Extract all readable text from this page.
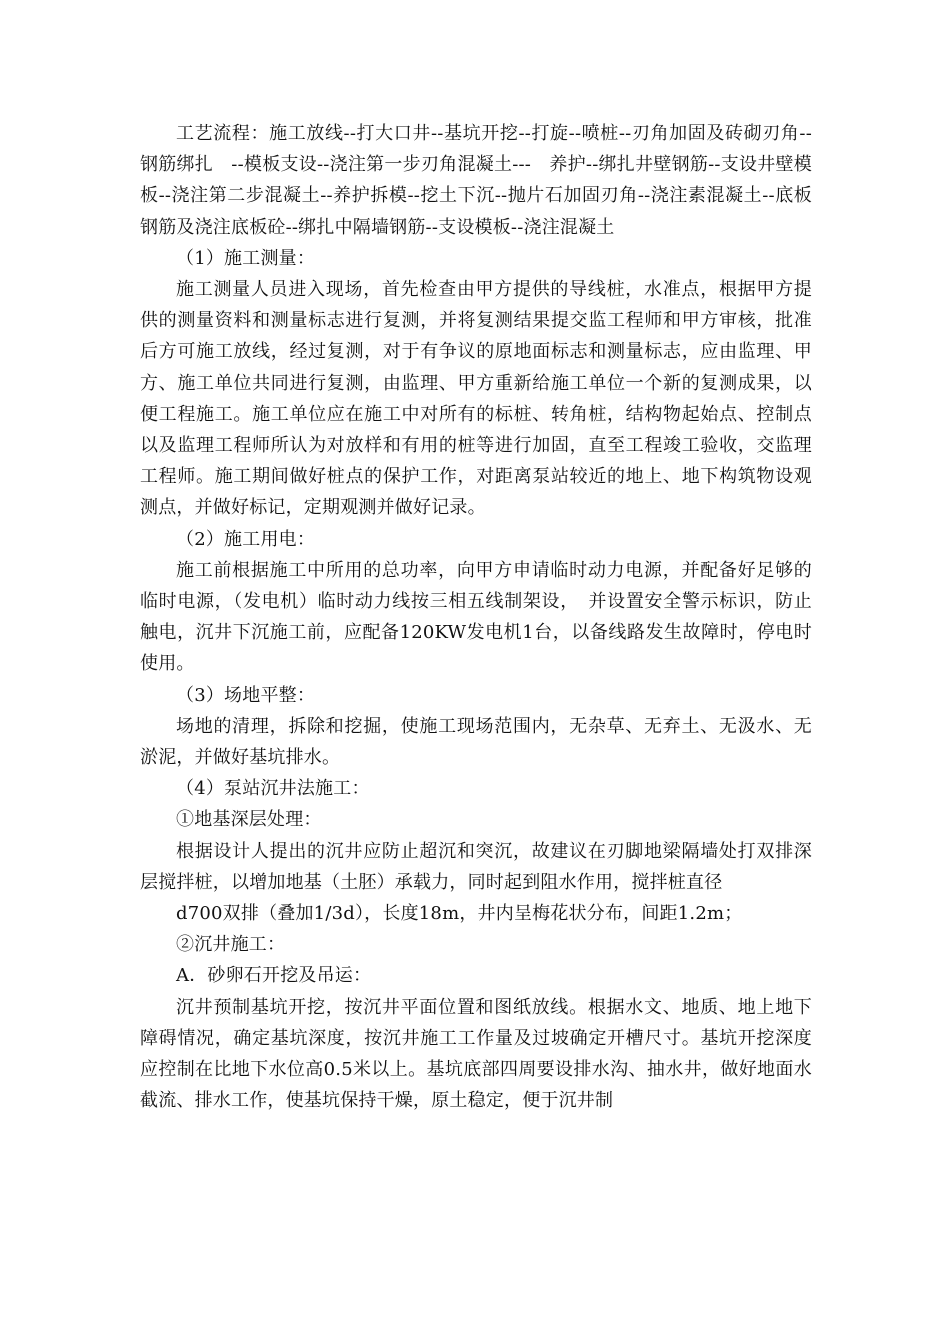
工艺流程：施工放线--打大口井--基坑开挖--打旋--喷桩--刃角加固及砖砌刃角--钢筋绑扎　--模板支设--浇注第一步刃角混凝土---　养护--绑扎井壁钢筋--支设井壁模板--浇注第二步混凝土--养护拆模--挖土下沉--抛片石加固刃角--浇注素混凝土--底板钢筋及浇注底板砼--绑扎中隔墙钢筋--支设模板--浇注混凝土

（1）施工测量：

施工测量人员进入现场，首先检查由甲方提供的导线桩，水准点，根据甲方提供的测量资料和测量标志进行复测，并将复测结果提交监工程师和甲方审核，批准后方可施工放线，经过复测，对于有争议的原地面标志和测量标志，应由监理、甲方、施工单位共同进行复测，由监理、甲方重新给施工单位一个新的复测成果，以便工程施工。施工单位应在施工中对所有的标桩、转角桩，结构物起始点、控制点以及监理工程师所认为对放样和有用的桩等进行加固，直至工程竣工验收，交监理工程师。施工期间做好桩点的保护工作，对距离泵站较近的地上、地下构筑物设观测点，并做好标记，定期观测并做好记录。

（2）施工用电：

施工前根据施工中所用的总功率，向甲方申请临时动力电源，并配备好足够的临时电源，（发电机）临时动力线按三相五线制架设，　并设置安全警示标识，防止触电，沉井下沉施工前，应配备120KW发电机1台，以备线路发生故障时，停电时使用。

（3）场地平整：

场地的清理，拆除和挖掘，使施工现场范围内，无杂草、无弃土、无汲水、无淤泥，并做好基坑排水。

（4）泵站沉井法施工：

①地基深层处理：

根据设计人提出的沉井应防止超沉和突沉，故建议在刃脚地梁隔墙处打双排深层搅拌桩，以增加地基（土胚）承载力，同时起到阻水作用，搅拌桩直径

d700双排（叠加1/3d），长度18m，井内呈梅花状分布，间距1.2m；

②沉井施工：

A．砂卵石开挖及吊运：

沉井预制基坑开挖，按沉井平面位置和图纸放线。根据水文、地质、地上地下障碍情况，确定基坑深度，按沉井施工工作量及过坡确定开槽尺寸。基坑开挖深度应控制在比地下水位高0.5米以上。基坑底部四周要设排水沟、抽水井，做好地面水截流、排水工作，使基坑保持干燥，原土稳定，便于沉井制
